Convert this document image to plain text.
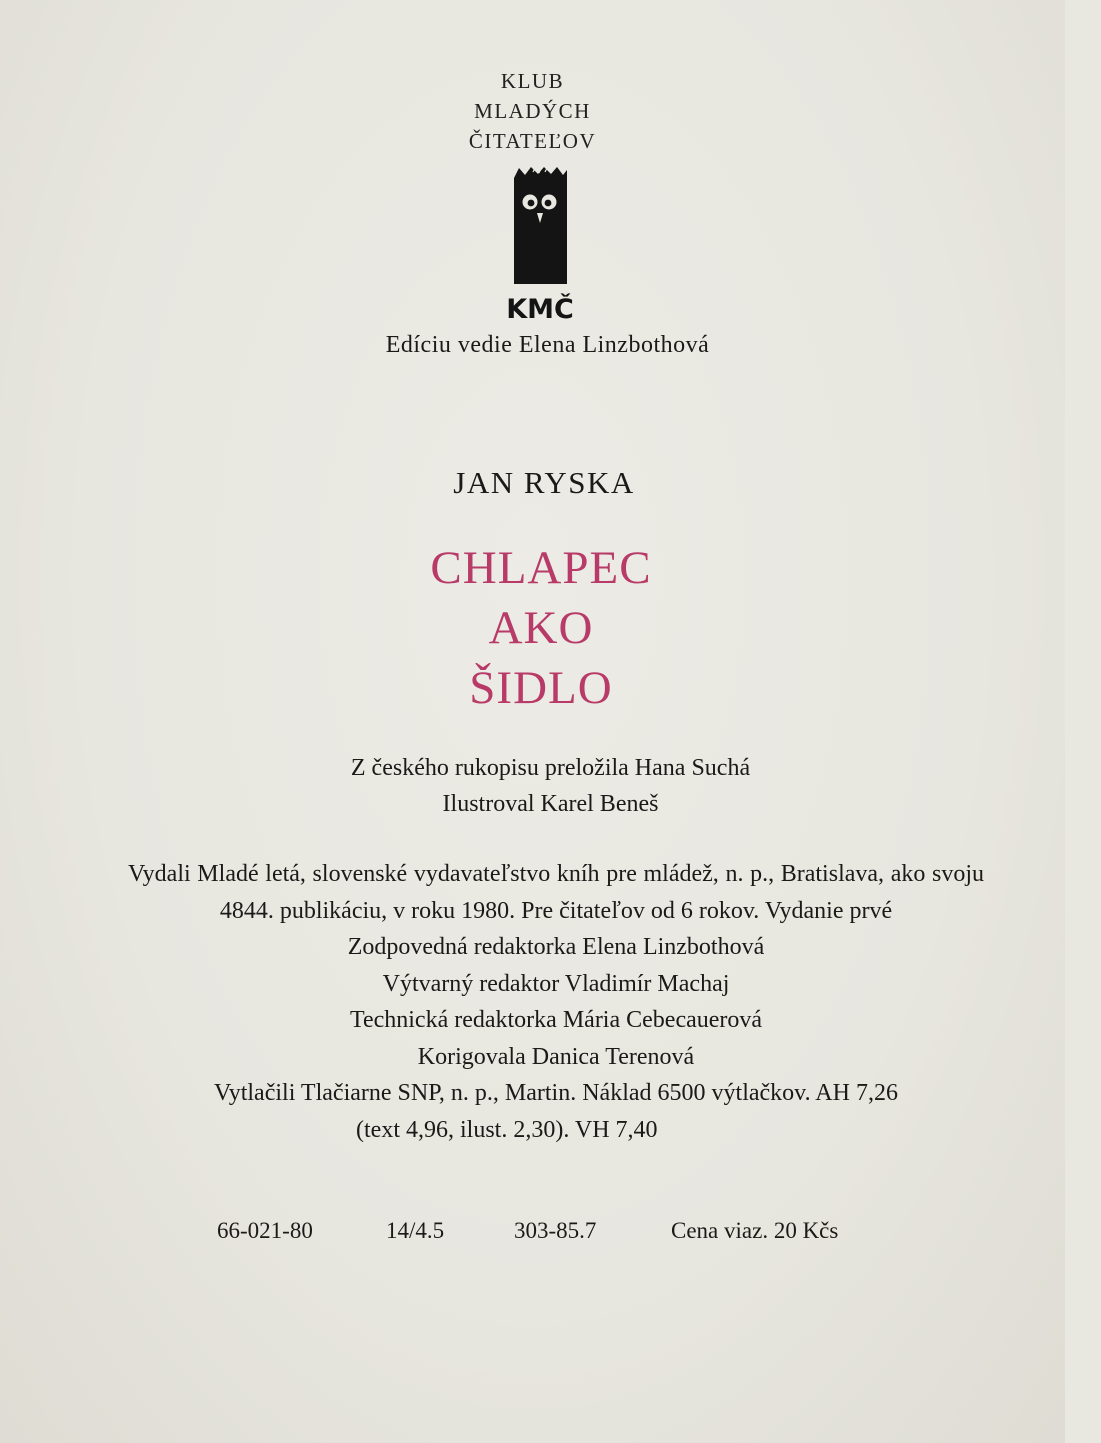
KLUB
MLADÝCH
ČITATEĽOV
KMČ
Edíciu vedie Elena Linzbothová
JAN RYSKA
CHLAPEC
AKO
ŠIDLO
Z českého rukopisu preložila Hana Suchá
Ilustroval Karel Beneš

Vydali Mladé letá, slovenské vydavateľstvo kníh pre mládež, n. p., Bratislava, ako svoju 4844. publikáciu, v roku 1980. Pre čitateľov od 6 rokov. Vydanie prvé

Zodpovedná redaktorka Elena Linzbothová
Výtvarný redaktor Vladimír Machaj
Technická redaktorka Mária Cebecauerová
Korigovala Danica Terenová
Vytlačili Tlačiarne SNP, n. p., Martin. Náklad 6500 výtlačkov. AH 7,26
(text 4,96, ilust. 2,30). VH 7,40
66-021-80	14/4.5	303-85.7	Cena viaz. 20 Kčs
